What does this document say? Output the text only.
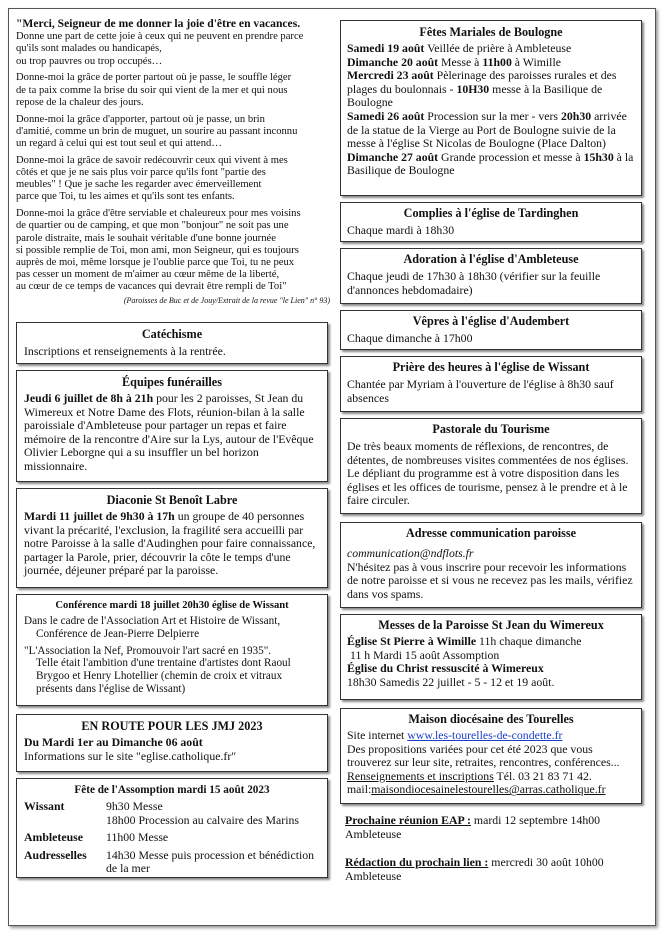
"Merci, Seigneur de me donner la joie d'être en vacances.
Donne une part de cette joie à ceux qui ne peuvent en prendre parce
qu'ils sont malades ou handicapés,
ou trop pauvres ou trop occupés…

Donne-moi la grâce de porter partout où je passe, le souffle léger
de ta paix comme la brise du soir qui vient de la mer et qui nous
repose de la chaleur des jours.

Donne-moi la grâce d'apporter, partout où je passe, un brin
d'amitié, comme un brin de muguet, un sourire au passant inconnu
un regard à celui qui est tout seul et qui attend…

Donne-moi la grâce de savoir redécouvrir ceux qui vivent à mes
côtés et que je ne sais plus voir parce qu'ils font "partie des
meubles" ! Que je sache les regarder avec émerveillement
parce que Toi, tu les aimes et qu'ils sont tes enfants.

Donne-moi la grâce d'être serviable et chaleureux pour mes voisins
de quartier ou de camping, et que mon "bonjour" ne soit pas une
parole distraite, mais le souhait véritable d'une bonne journée
si possible remplie de Toi, mon ami, mon Seigneur, qui es toujours
auprès de moi, même lorsque je l'oublie parce que Toi, tu ne peux
pas cesser un moment de m'aimer au cœur même de la liberté,
au cœur de ce temps de vacances qui devrait être rempli de Toi"

(Paroisses de Buc et de Jouy/Extrait de la revue "le Lien" n° 93)
Catéchisme
Inscriptions et renseignements à la rentrée.
Équipes funérailles
Jeudi 6 juillet de 8h à 21h pour les 2 paroisses, St Jean du Wimereux et Notre Dame des Flots, réunion-bilan à la salle paroissiale d'Ambleteuse pour partager un repas et faire mémoire de la rencontre d'Aire sur la Lys, autour de l'Evêque Olivier Leborgne qui a su insuffler un bel horizon missionnaire.
Diaconie St Benoît Labre
Mardi 11 juillet de 9h30 à 17h un groupe de 40 personnes vivant la précarité, l'exclusion, la fragilité sera accueilli par notre Paroisse à la salle d'Audinghen pour faire connaissance, partager la Parole, prier, découvrir la côte le temps d'une journée, déjeuner préparé par la paroisse.
Conférence mardi 18 juillet 20h30 église de Wissant
Dans le cadre de l'Association Art et Histoire de Wissant,
Conférence de Jean-Pierre Delpierre
"L'Association la Nef, Promouvoir l'art sacré en 1935".
Telle était l'ambition d'une trentaine d'artistes dont Raoul Brygoo et Henry Lhotellier (chemin de croix et vitraux présents dans l'église de Wissant)
EN ROUTE POUR LES JMJ 2023
Du Mardi 1er au Dimanche 06 août
Informations sur le site "eglise.catholique.fr"
Fête de l'Assomption mardi 15 août 2023
Wissant	9h30 Messe
18h00 Procession au calvaire des Marins
Ambleteuse	11h00 Messe
Audresselles	14h30 Messe puis procession et bénédiction de la mer
Fêtes Mariales de Boulogne
Samedi 19 août Veillée de prière à Ambleteuse
Dimanche 20 août Messe à 11h00 à Wimille
Mercredi 23 août Pèlerinage des paroisses rurales et des plages du boulonnais - 10H30 messe à la Basilique de Boulogne
Samedi 26 août Procession sur la mer - vers 20h30 arrivée de la statue de la Vierge au Port de Boulogne suivie de la messe à l'église St Nicolas de Boulogne (Place Dalton)
Dimanche 27 août Grande procession et messe à 15h30 à la Basilique de Boulogne
Complies à l'église de Tardinghen
Chaque mardi à 18h30
Adoration à l'église d'Ambleteuse
Chaque jeudi de 17h30 à 18h30 (vérifier sur la feuille d'annonces hebdomadaire)
Vêpres à l'église d'Audembert
Chaque dimanche à 17h00
Prière des heures à l'église de Wissant
Chantée par Myriam à l'ouverture de l'église à 8h30 sauf absences
Pastorale du Tourisme
De très beaux moments de réflexions, de rencontres, de détentes, de nombreuses visites commentées de nos églises. Le dépliant du programme est à votre disposition dans les églises et les offices de tourisme, pensez à le prendre et à le faire circuler.
Adresse communication paroisse
communication@ndflots.fr
N'hésitez pas à vous inscrire pour recevoir les informations de notre paroisse et si vous ne recevez pas les mails, vérifiez dans vos spams.
Messes de la Paroisse St Jean du Wimereux
Église St Pierre à Wimille 11h chaque dimanche
11 h Mardi 15 août Assomption
Église du Christ ressuscité à Wimereux
18h30 Samedis 22 juillet - 5 - 12 et 19 août.
Maison diocésaine des Tourelles
Site internet www.les-tourelles-de-condette.fr
Des propositions variées pour cet été 2023 que vous trouverez sur leur site, retraites, rencontres, conférences...
Renseignements et inscriptions Tél. 03 21 83 71 42.
mail:maisondiocesainelestourelles@arras.catholique.fr
Prochaine réunion EAP : mardi 12 septembre 14h00 Ambleteuse
Rédaction du prochain lien : mercredi 30 août 10h00 Ambleteuse
